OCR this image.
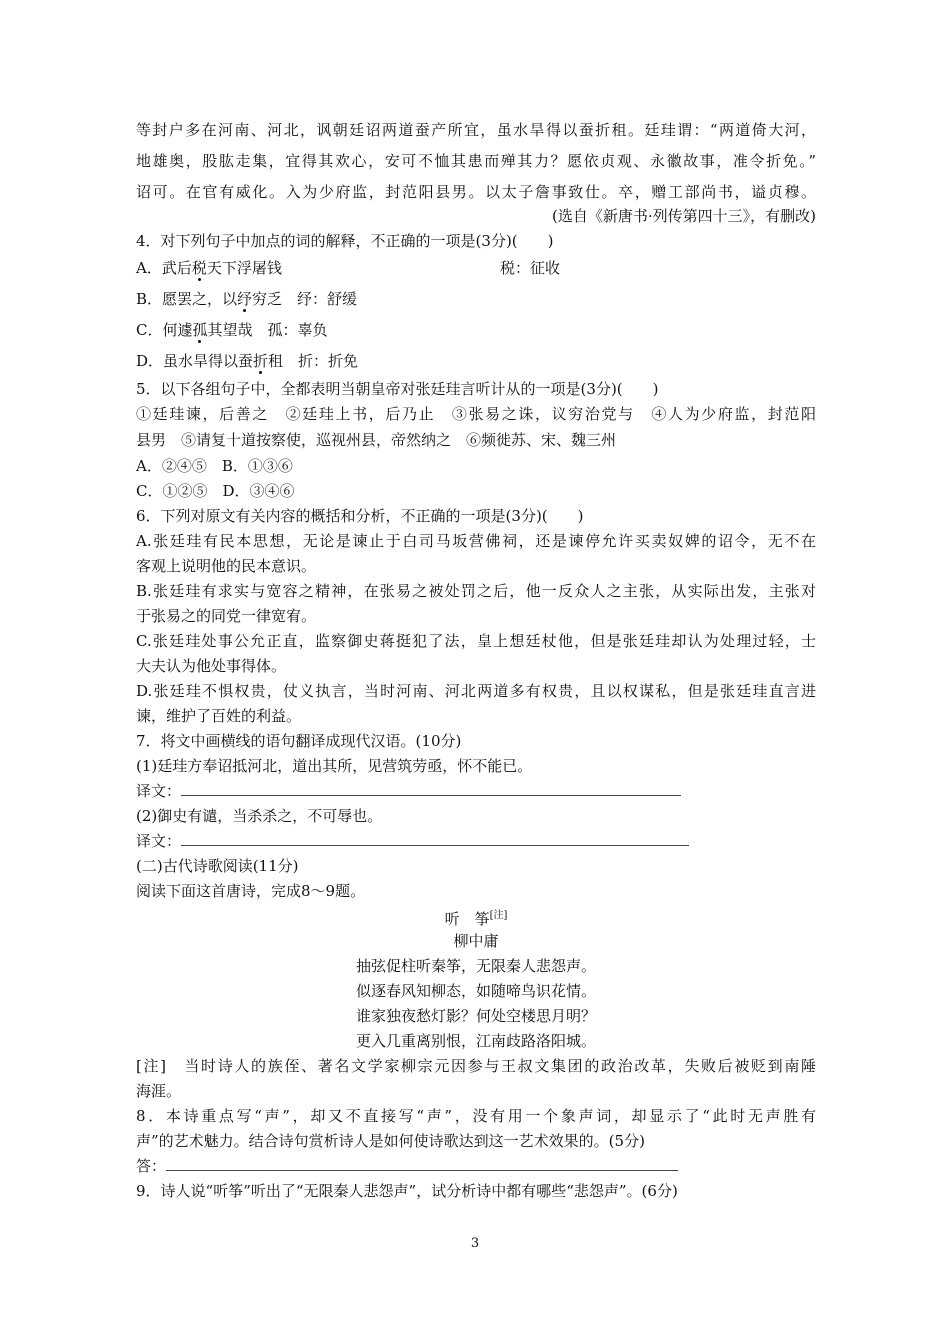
等封户多在河南、河北，讽朝廷诏两道蚕产所宜，虽水旱得以蚕折租。廷珪谓：“两道倚大河，
地雄奥，股肱走集，宜得其欢心，安可不恤其患而殚其力？愿依贞观、永徽故事，准令折免。”
诏可。在官有威化。入为少府监，封范阳县男。以太子詹事致仕。卒，赠工部尚书，谥贞穆。
(选自《新唐书·列传第四十三》，有删改)
4．对下列句子中加点的词的解释，不正确的一项是(3分)(　　)
A．武后税天下浮屠钱	税：征收
B．愿罢之，以纾穷乏　纾：舒缓
C．何遽孤其望哉　孤：辜负
D．虽水旱得以蚕折租　折：折免
5．以下各组句子中，全都表明当朝皇帝对张廷珪言听计从的一项是(3分)(　　)
①廷珪谏，后善之　②廷珪上书，后乃止　③张易之诛，议穷治党与　④人为少府监，封范阳
县男　⑤请复十道按察使，巡视州县，帝然纳之　⑥频徙苏、宋、魏三州
A．②④⑤　B．①③⑥
C．①②⑤　D．③④⑥
6．下列对原文有关内容的概括和分析，不正确的一项是(3分)(　　)
A.张廷珪有民本思想，无论是谏止于白司马坂营佛祠，还是谏停允许买卖奴婢的诏令，无不在
客观上说明他的民本意识。
B.张廷珪有求实与宽容之精神，在张易之被处罚之后，他一反众人之主张，从实际出发，主张对
于张易之的同党一律宽宥。
C.张廷珪处事公允正直，监察御史蒋挺犯了法，皇上想廷杖他，但是张廷珪却认为处理过轻，士
大夫认为他处事得体。
D.张廷珪不惧权贵，仗义执言，当时河南、河北两道多有权贵，且以权谋私，但是张廷珪直言进
谏，维护了百姓的利益。
7．将文中画横线的语句翻译成现代汉语。(10分)
(1)廷珪方奉诏抵河北，道出其所，见营筑劳亟，怀不能已。
译文：
(2)御史有谴，当杀杀之，不可辱也。
译文：
(二)古代诗歌阅读(11分)
阅读下面这首唐诗，完成8～9题。
听　筝[注]
柳中庸
抽弦促柱听秦筝，无限秦人悲怨声。
似逐春风知柳态，如随啼鸟识花情。
谁家独夜愁灯影？何处空楼思月明？
更入几重离别恨，江南歧路洛阳城。
[注]　当时诗人的族侄、著名文学家柳宗元因参与王叔文集团的政治改革，失败后被贬到南陲
海涯。
8．本诗重点写“声”，却又不直接写“声”，没有用一个象声词，却显示了“此时无声胜有
声”的艺术魅力。结合诗句赏析诗人是如何使诗歌达到这一艺术效果的。(5分)
答：
9．诗人说“听筝”听出了“无限秦人悲怨声”，试分析诗中都有哪些“悲怨声”。(6分)
3
